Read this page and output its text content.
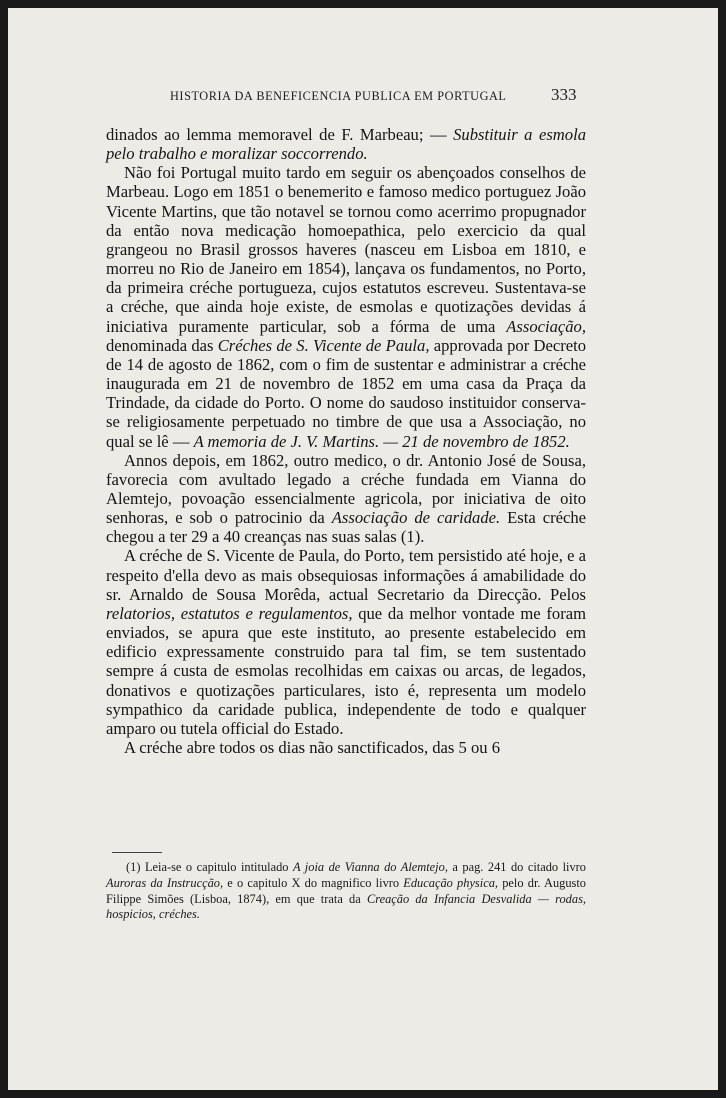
HISTORIA DA BENEFICENCIA PUBLICA EM PORTUGAL	333

dinados ao lemma memoravel de F. Marbeau; — Substituir a esmola pelo trabalho e moralizar soccorrendo.

Não foi Portugal muito tardo em seguir os abençoados conselhos de Marbeau. Logo em 1851 o benemerito e famoso medico portuguez João Vicente Martins, que tão notavel se tornou como acerrimo propugnador da então nova medicação homoepathica, pelo exercicio da qual grangeou no Brasil grossos haveres (nasceu em Lisboa em 1810, e morreu no Rio de Janeiro em 1854), lançava os fundamentos, no Porto, da primeira créche portugueza, cujos estatutos escreveu. Sustentava-se a créche, que ainda hoje existe, de esmolas e quotizações devidas á iniciativa puramente particular, sob a fórma de uma Associação, denominada das Créches de S. Vicente de Paula, approvada por Decreto de 14 de agosto de 1862, com o fim de sustentar e administrar a créche inaugurada em 21 de novembro de 1852 em uma casa da Praça da Trindade, da cidade do Porto. O nome do saudoso instituidor conserva-se religiosamente perpetuado no timbre de que usa a Associação, no qual se lê — A memoria de J. V. Martins. — 21 de novembro de 1852.

Annos depois, em 1862, outro medico, o dr. Antonio José de Sousa, favorecia com avultado legado a créche fundada em Vianna do Alemtejo, povoação essencialmente agricola, por iniciativa de oito senhoras, e sob o patrocinio da Associação de caridade. Esta créche chegou a ter 29 a 40 creanças nas suas salas (1).

A créche de S. Vicente de Paula, do Porto, tem persistido até hoje, e a respeito d'ella devo as mais obsequiosas informações á amabilidade do sr. Arnaldo de Sousa Morêda, actual Secretario da Direcção. Pelos relatorios, estatutos e regulamentos, que da melhor vontade me foram enviados, se apura que este instituto, ao presente estabelecido em edificio expressamente construido para tal fim, se tem sustentado sempre á custa de esmolas recolhidas em caixas ou arcas, de legados, donativos e quotizações particulares, isto é, representa um modelo sympathico da caridade publica, independente de todo e qualquer amparo ou tutela official do Estado.

A créche abre todos os dias não sanctificados, das 5 ou 6

(1) Leia-se o capitulo intitulado A joia de Vianna do Alemtejo, a pag. 241 do citado livro Auroras da Instrucção, e o capitulo X do magnifico livro Educação physica, pelo dr. Augusto Filippe Simões (Lisboa, 1874), em que trata da Creação da Infancia Desvalida — rodas, hospicios, créches.
